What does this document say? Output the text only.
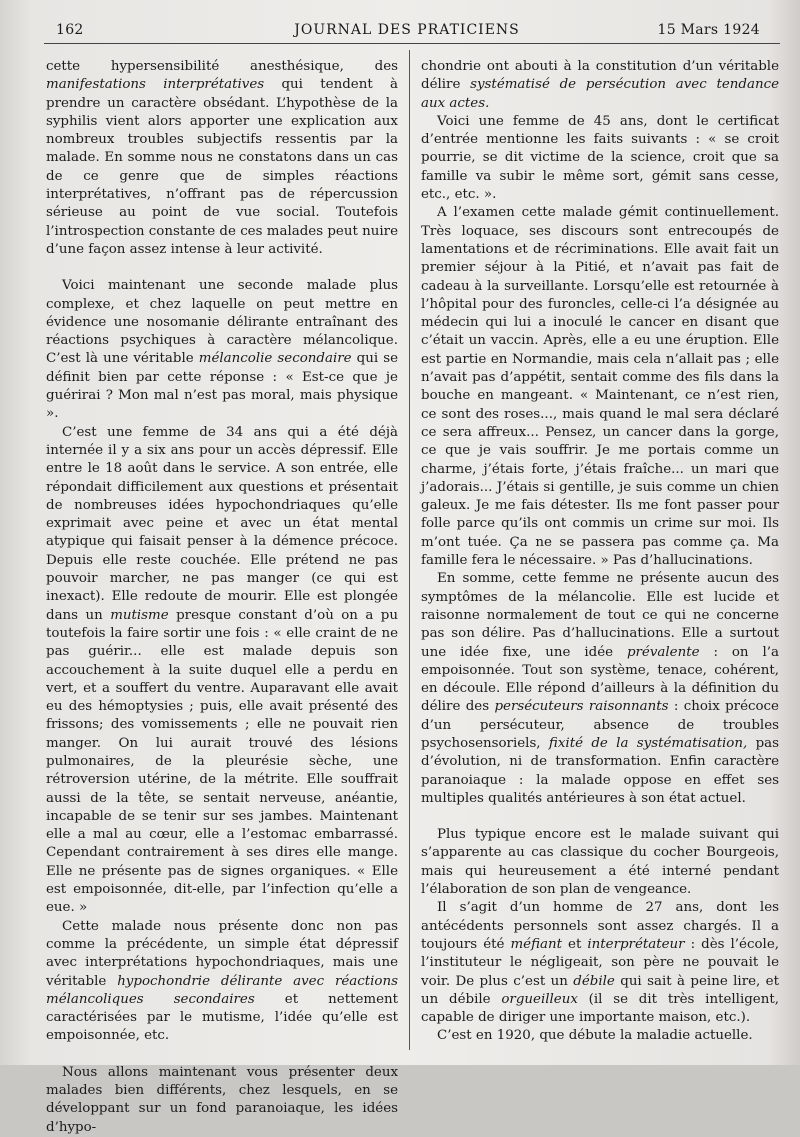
162	JOURNAL DES PRATICIENS	15 Mars 1924

cette hypersensibilité anesthésique, des manifestations interprétatives qui tendent à prendre un caractère obsédant. L’hypothèse de la syphilis vient alors apporter une explication aux nombreux troubles subjectifs ressentis par la malade. En somme nous ne constatons dans un cas de ce genre que de simples réactions interprétatives, n’offrant pas de répercussion sérieuse au point de vue social. Toutefois l’introspection constante de ces malades peut nuire d’une façon assez intense à leur activité.

Voici maintenant une seconde malade plus complexe, et chez laquelle on peut mettre en évidence une nosomanie délirante entraînant des réactions psychiques à caractère mélancolique. C’est là une véritable mélancolie secondaire qui se définit bien par cette réponse : « Est-ce que je guérirai ? Mon mal n’est pas moral, mais physique ».

C’est une femme de 34 ans qui a été déjà internée il y a six ans pour un accès dépressif. Elle entre le 18 août dans le service. A son entrée, elle répondait difficilement aux questions et présentait de nombreuses idées hypochondriaques qu’elle exprimait avec peine et avec un état mental atypique qui faisait penser à la démence précoce. Depuis elle reste couchée. Elle prétend ne pas pouvoir marcher, ne pas manger (ce qui est inexact). Elle redoute de mourir. Elle est plongée dans un mutisme presque constant d’où on a pu toutefois la faire sortir une fois : « elle craint de ne pas guérir... elle est malade depuis son accouchement à la suite duquel elle a perdu en vert, et a souffert du ventre. Auparavant elle avait eu des hémoptysies ; puis, elle avait présenté des frissons; des vomissements ; elle ne pouvait rien manger. On lui aurait trouvé des lésions pulmonaires, de la pleurésie sèche, une rétroversion utérine, de la métrite. Elle souffrait aussi de la tête, se sentait nerveuse, anéantie, incapable de se tenir sur ses jambes. Maintenant elle a mal au cœur, elle a l’estomac embarrassé. Cependant contrairement à ses dires elle mange. Elle ne présente pas de signes organiques. « Elle est empoisonnée, dit-elle, par l’infection qu’elle a eue. »

Cette malade nous présente donc non pas comme la précédente, un simple état dépressif avec interprétations hypochondriaques, mais une véritable hypochondrie délirante avec réactions mélancoliques secondaires et nettement caractérisées par le mutisme, l’idée qu’elle est empoisonnée, etc.

Nous allons maintenant vous présenter deux malades bien différents, chez lesquels, en se développant sur un fond paranoiaque, les idées d’hypo-

chondrie ont abouti à la constitution d’un véritable délire systématisé de persécution avec tendance aux actes.

Voici une femme de 45 ans, dont le certificat d’entrée mentionne les faits suivants : « se croit pourrie, se dit victime de la science, croit que sa famille va subir le même sort, gémit sans cesse, etc., etc. ».

A l’examen cette malade gémit continuellement. Très loquace, ses discours sont entrecoupés de lamentations et de récriminations. Elle avait fait un premier séjour à la Pitié, et n’avait pas fait de cadeau à la surveillante. Lorsqu’elle est retournée à l’hôpital pour des furoncles, celle-ci l’a désignée au médecin qui lui a inoculé le cancer en disant que c’était un vaccin. Après, elle a eu une éruption. Elle est partie en Normandie, mais cela n’allait pas ; elle n’avait pas d’appétit, sentait comme des fils dans la bouche en mangeant. « Maintenant, ce n’est rien, ce sont des roses..., mais quand le mal sera déclaré ce sera affreux... Pensez, un cancer dans la gorge, ce que je vais souffrir. Je me portais comme un charme, j’étais forte, j’étais fraîche... un mari que j’adorais... J’étais si gentille, je suis comme un chien galeux. Je me fais détester. Ils me font passer pour folle parce qu’ils ont commis un crime sur moi. Ils m’ont tuée. Ça ne se passera pas comme ça. Ma famille fera le nécessaire. » Pas d’hallucinations.

En somme, cette femme ne présente aucun des symptômes de la mélancolie. Elle est lucide et raisonne normalement de tout ce qui ne concerne pas son délire. Pas d’hallucinations. Elle a surtout une idée fixe, une idée prévalente : on l’a empoisonnée. Tout son système, tenace, cohérent, en découle. Elle répond d’ailleurs à la définition du délire des persécuteurs raisonnants : choix précoce d’un persécuteur, absence de troubles psychosensoriels, fixité de la systématisation, pas d’évolution, ni de transformation. Enfin caractère paranoiaque : la malade oppose en effet ses multiples qualités antérieures à son état actuel.

Plus typique encore est le malade suivant qui s’apparente au cas classique du cocher Bourgeois, mais qui heureusement a été interné pendant l’élaboration de son plan de vengeance.

Il s’agit d’un homme de 27 ans, dont les antécédents personnels sont assez chargés. Il a toujours été méfiant et interprétateur : dès l’école, l’instituteur le négligeait, son père ne pouvait le voir. De plus c’est un débile qui sait à peine lire, et un débile orgueilleux (il se dit très intelligent, capable de diriger une importante maison, etc.).

C’est en 1920, que débute la maladie actuelle.
